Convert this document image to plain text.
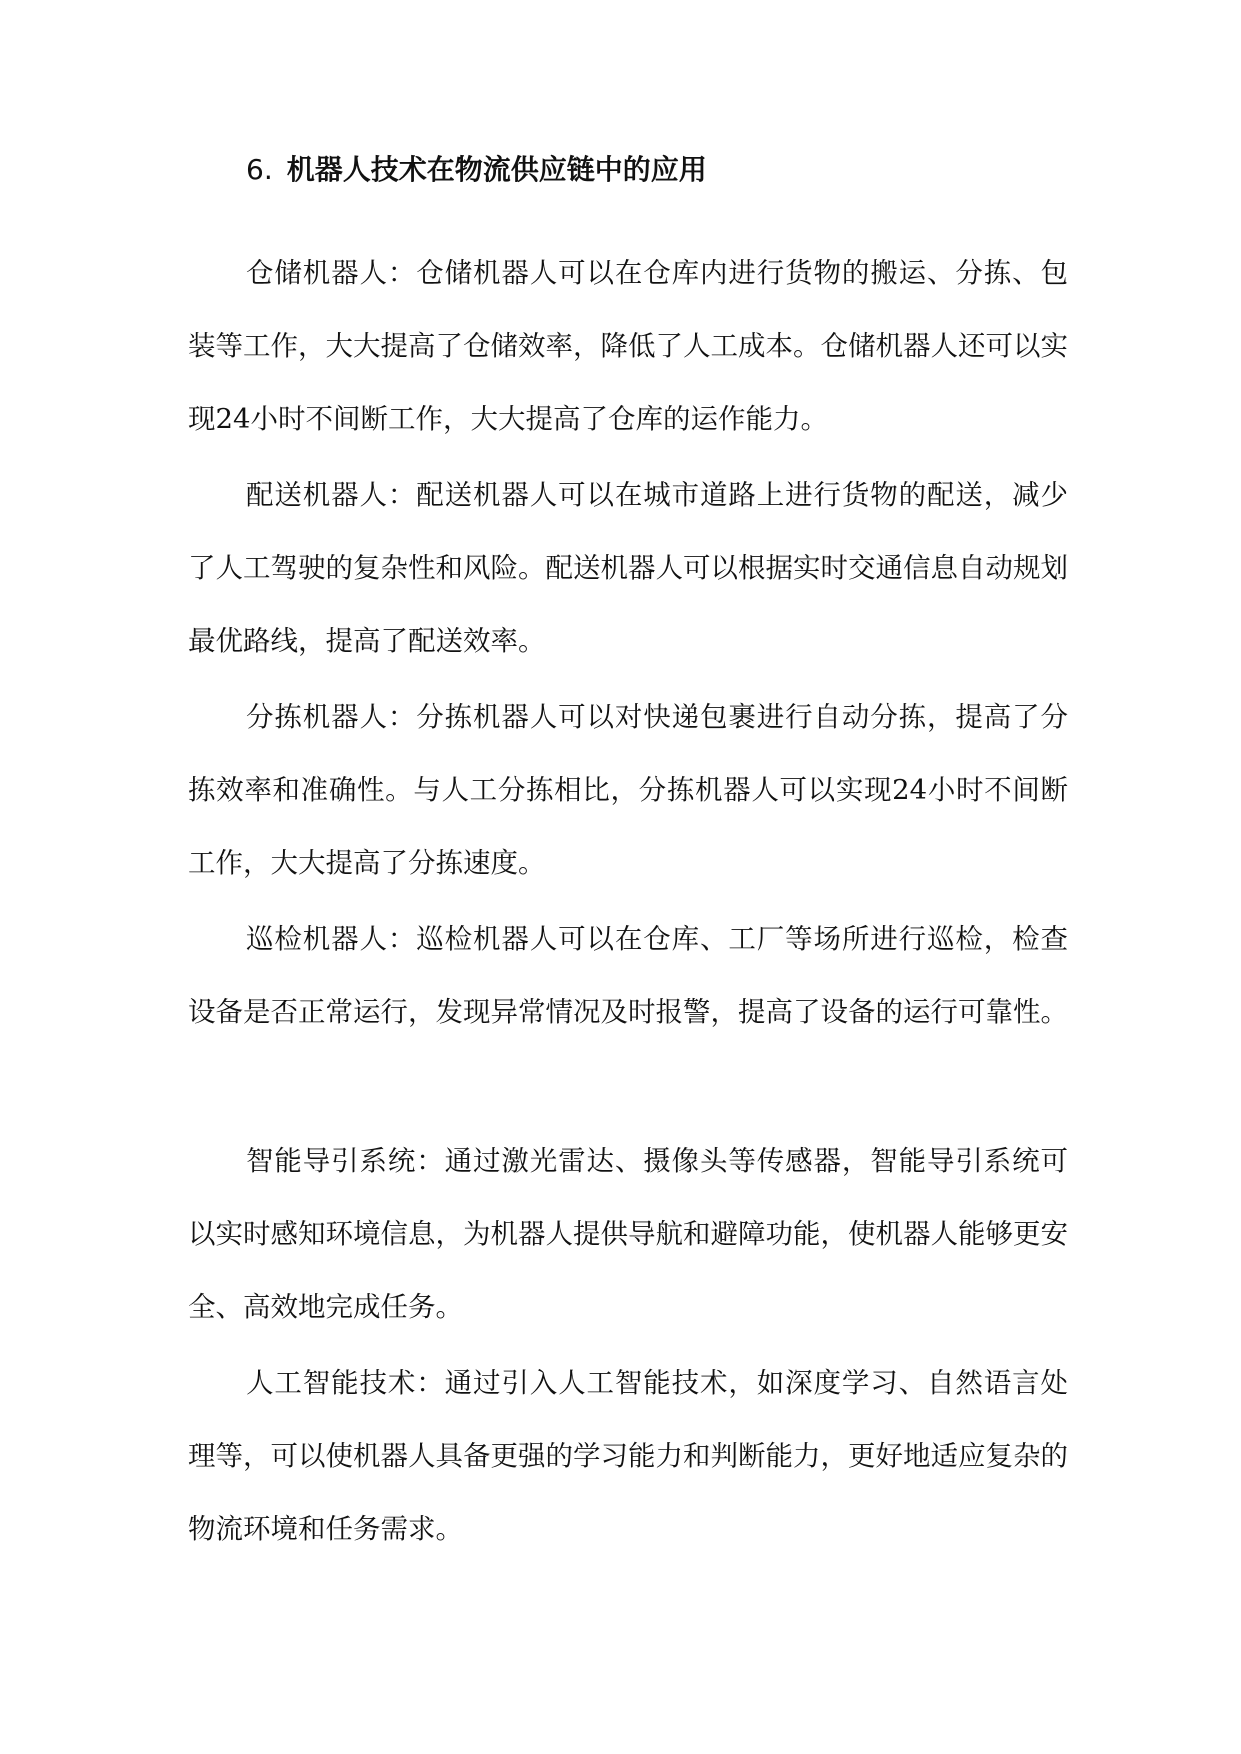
6. 机器人技术在物流供应链中的应用

仓储机器人：仓储机器人可以在仓库内进行货物的搬运、分拣、包装等工作，大大提高了仓储效率，降低了人工成本。仓储机器人还可以实现24小时不间断工作，大大提高了仓库的运作能力。

配送机器人：配送机器人可以在城市道路上进行货物的配送，减少了人工驾驶的复杂性和风险。配送机器人可以根据实时交通信息自动规划最优路线，提高了配送效率。

分拣机器人：分拣机器人可以对快递包裹进行自动分拣，提高了分拣效率和准确性。与人工分拣相比，分拣机器人可以实现24小时不间断工作，大大提高了分拣速度。

巡检机器人：巡检机器人可以在仓库、工厂等场所进行巡检，检查设备是否正常运行，发现异常情况及时报警，提高了设备的运行可靠性。

智能导引系统：通过激光雷达、摄像头等传感器，智能导引系统可以实时感知环境信息，为机器人提供导航和避障功能，使机器人能够更安全、高效地完成任务。

人工智能技术：通过引入人工智能技术，如深度学习、自然语言处理等，可以使机器人具备更强的学习能力和判断能力，更好地适应复杂的物流环境和任务需求。
